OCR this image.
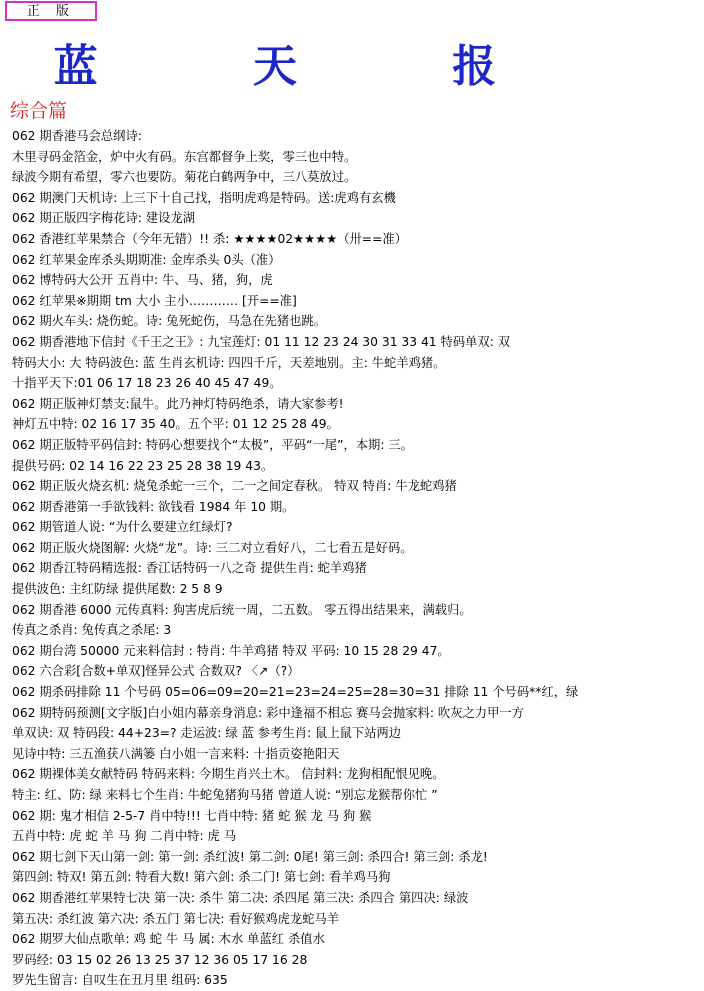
正 版
蓝 天 报
综合篇
062 期香港马会总纲诗:
木里寻码金箔金，炉中火有码。东宫都督争上奖，零三也中特。
绿波今期有希望，零六也要防。菊花白鹤两争中，三八莫放过。
062 期澳门天机诗: 上三下十自己找，指明虎鸡是特码。送:虎鸡有玄機
062 期正版四字梅花诗: 建设龙湖
062 香港红苹果禁合（今年无错）!! 杀: ★★★★02★★★★（卅==准）
062 红苹果金库杀头期期准: 金库杀头 0头（准）
062 博特码大公开 五肖中: 牛、马、猪，狗，虎
062 红苹果※期期 tm 大小 主小………… [开==准]
062 期火车头: 烧伤蛇。诗: 兔死蛇伤，马急在先猪也跳。
062 期香港地下信封《千王之王》: 九宝莲灯: 01 11 12 23 24 30 31 33 41 特码单双: 双
特码大小: 大 特码波色: 蓝 生肖玄机诗: 四四千斤，天差地别。主: 牛蛇羊鸡猪。
十指平天下:01 06 17 18 23 26 40 45 47 49。
062 期正版神灯禁支:鼠牛。此乃神灯特码绝杀，请大家参考!
神灯五中特: 02 16 17 35 40。五个平: 01 12 25 28 49。
062 期正版特平码信封: 特码心想要找个“太极”，平码“一尾”，本期: 三。
提供号码: 02 14 16 22 23 25 28 38 19 43。
062 期正版火烧玄机: 烧兔杀蛇一三个，二一之间定春秋。 特双 特肖: 牛龙蛇鸡猪
062 期香港第一手欲钱料: 欲钱看 1984 年 10 期。
062 期管道人说: “为什么要建立红绿灯?
062 期正版火烧图解: 火烧“龙”。诗: 三二对立看好八，二七看五是好码。
062 期香江特码精选报: 香江话特码一八之奇 提供生肖: 蛇羊鸡猪
提供波色: 主红防绿 提供尾数: 2 5 8 9
062 期香港 6000 元传真料: 狗害虎后统一周，二五数。 零五得出结果来，满载归。
传真之杀肖: 兔传真之杀尾: 3
062 期台湾 50000 元来料信封 : 特肖: 牛羊鸡猪 特双 平码: 10 15 28 29 47。
062 六合彩[合数+单双]怪异公式 合数双? 〈↗（?）
062 期杀码排除 11 个号码 05=06=09=20=21=23=24=25=28=30=31 排除 11 个号码**红，绿
062 期特码预测[文字版]白小姐内幕亲身消息: 彩中逢福不相忘 赛马会抛家料: 吹灰之力甲一方
单双诀: 双 特码段: 44+23=? 走运波: 绿 蓝 参考生肖: 鼠上鼠下站两边
见诗中特: 三五渔获八满篓 白小姐一言来料: 十指贡姿艳阳天
062 期裸体美女献特码 特码来料: 今期生肖兴土木。 信封料: 龙狗相配恨见晚。
特主: 红、防: 绿 来料七个生肖: 牛蛇兔猪狗马猪 曾道人说: “别忘龙猴帮你忙 ”
062 期: 鬼才相信 2-5-7 肖中特!!! 七肖中特: 猪 蛇 猴 龙 马 狗 猴
五肖中特: 虎 蛇 羊 马 狗 二肖中特: 虎 马
062 期七剑下天山第一剑: 第一剑: 杀红波! 第二剑: 0尾! 第三剑: 杀四合! 第三剑: 杀龙!
第四剑: 特双! 第五剑: 特看大数! 第六剑: 杀二门! 第七剑: 看羊鸡马狗
062 期香港红苹果特七决 第一决: 杀牛 第二决: 杀四尾 第三决: 杀四合 第四决: 绿波
第五决: 杀红波 第六决: 杀五门 第七决: 看好猴鸡虎龙蛇马羊
062 期罗大仙点歌单: 鸡 蛇 牛 马 属: 木水 单蓝红 杀值水
罗码经: 03 15 02 26 13 25 37 12 36 05 17 16 28
罗先生留言: 自叹生在丑月里 组码: 635
